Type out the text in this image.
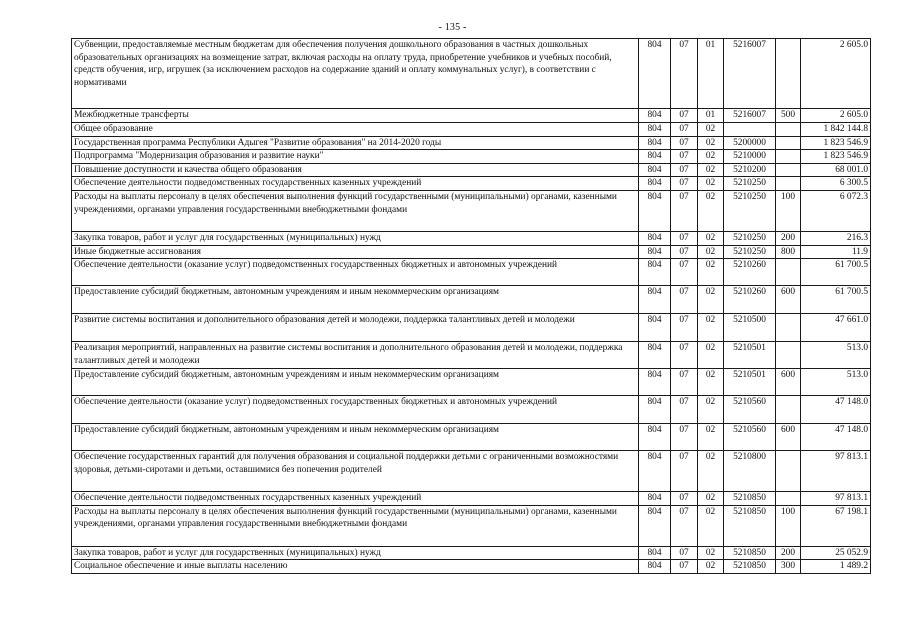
- 135 -
Субвенции, предоставляемые местным бюджетам для обеспечения получения дошкольного образования в частных дошкольных образовательных организациях на возмещение затрат, включая расходы на оплату труда, приобретение учебников и учебных пособий, средств обучения, игр, игрушек (за исключением расходов на содержание зданий и оплату коммунальных услуг), в соответствии с нормативами	804	07	01	5216007		2 605.0
Межбюджетные трансферты	804	07	01	5216007	500	2 605.0
Общее образование	804	07	02			1 842 144.8
Государственная программа Республики Адыгея "Развитие образования" на 2014-2020 годы	804	07	02	5200000		1 823 546.9
Подпрограмма "Модернизация образования и развитие науки"	804	07	02	5210000		1 823 546.9
Повышение доступности и качества общего образования	804	07	02	5210200		68 001.0
Обеспечение деятельности подведомственных государственных казенных учреждений	804	07	02	5210250		6 300.5
Расходы на выплаты персоналу в целях обеспечения выполнения функций государственными (муниципальными) органами, казенными учреждениями, органами управления государственными внебюджетными фондами	804	07	02	5210250	100	6 072.3
Закупка товаров, работ и услуг для государственных (муниципальных) нужд	804	07	02	5210250	200	216.3
Иные бюджетные ассигнования	804	07	02	5210250	800	11.9
Обеспечение деятельности (оказание услуг) подведомственных государственных бюджетных и автономных учреждений	804	07	02	5210260		61 700.5
Предоставление субсидий бюджетным, автономным учреждениям и иным некоммерческим организациям	804	07	02	5210260	600	61 700.5
Развитие системы воспитания и дополнительного образования детей и молодежи, поддержка талантливых детей и молодежи	804	07	02	5210500		47 661.0
Реализация мероприятий, направленных на развитие системы воспитания и дополнительного образования детей и молодежи, поддержка талантливых детей и молодежи	804	07	02	5210501		513.0
Предоставление субсидий бюджетным, автономным учреждениям и иным некоммерческим организациям	804	07	02	5210501	600	513.0
Обеспечение деятельности (оказание услуг) подведомственных государственных бюджетных и автономных учреждений	804	07	02	5210560		47 148.0
Предоставление субсидий бюджетным, автономным учреждениям и иным некоммерческим организациям	804	07	02	5210560	600	47 148.0
Обеспечение государственных гарантий для получения образования и социальной поддержки детьми с ограниченными возможностями здоровья, детьми-сиротами и детьми, оставшимися без попечения родителей	804	07	02	5210800		97 813.1
Обеспечение деятельности подведомственных государственных казенных учреждений	804	07	02	5210850		97 813.1
Расходы на выплаты персоналу в целях обеспечения выполнения функций государственными (муниципальными) органами, казенными учреждениями, органами управления государственными внебюджетными фондами	804	07	02	5210850	100	67 198.1
Закупка товаров, работ и услуг для государственных (муниципальных) нужд	804	07	02	5210850	200	25 052.9
Социальное обеспечение и иные выплаты населению	804	07	02	5210850	300	1 489.2
